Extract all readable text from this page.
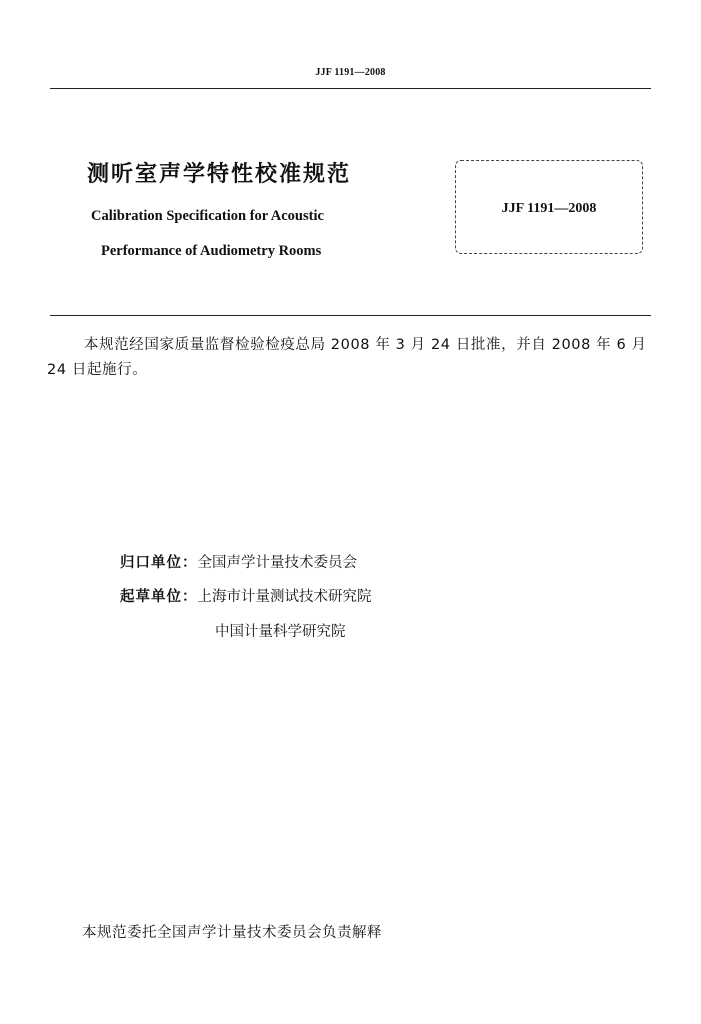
JJF 1191—2008
测听室声学特性校准规范
Calibration Specification for Acoustic
Performance of Audiometry Rooms
JJF 1191—2008
本规范经国家质量监督检验检疫总局 2008 年 3 月 24 日批准，并自 2008 年 6 月 24 日起施行。
归口单位：全国声学计量技术委员会
起草单位：上海市计量测试技术研究院
中国计量科学研究院
本规范委托全国声学计量技术委员会负责解释
